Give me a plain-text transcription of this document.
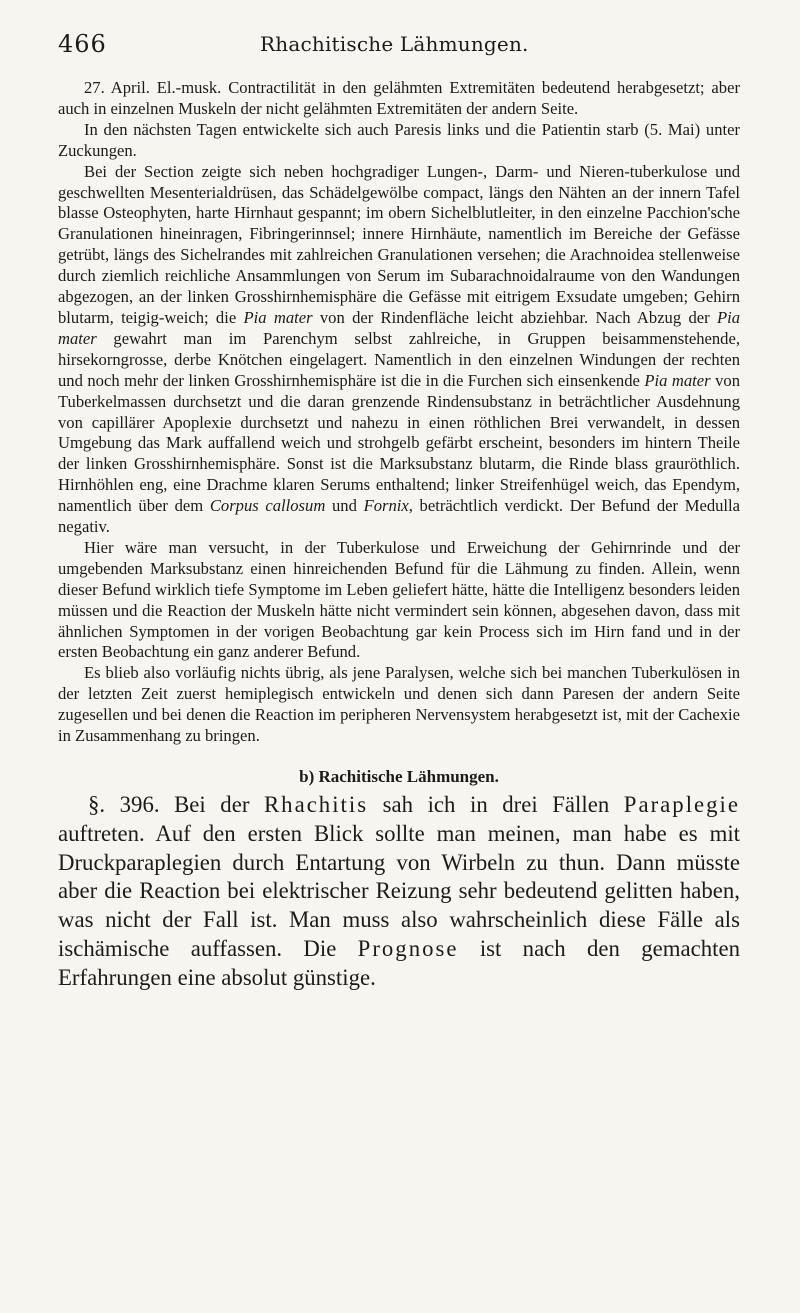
466	Rhachitische Lähmungen.

27. April. El.-musk. Contractilität in den gelähmten Extremitäten bedeutend herabgesetzt; aber auch in einzelnen Muskeln der nicht gelähmten Extremitäten der andern Seite.

In den nächsten Tagen entwickelte sich auch Paresis links und die Patientin starb (5. Mai) unter Zuckungen.

Bei der Section zeigte sich neben hochgradiger Lungen-, Darm- und Nieren-tuberkulose und geschwellten Mesenterialdrüsen, das Schädelgewölbe compact, längs den Nähten an der innern Tafel blasse Osteophyten, harte Hirnhaut gespannt; im obern Sichelblutleiter, in den einzelne Pacchion'sche Granulationen hineinragen, Fibringerinnsel; innere Hirnhäute, namentlich im Bereiche der Gefässe getrübt, längs des Sichelrandes mit zahlreichen Granulationen versehen; die Arachnoidea stellenweise durch ziemlich reichliche Ansammlungen von Serum im Subarachnoidalraume von den Wandungen abgezogen, an der linken Grosshirnhemisphäre die Gefässe mit eitrigem Exsudate umgeben; Gehirn blutarm, teigig-weich; die Pia mater von der Rindenfläche leicht abziehbar. Nach Abzug der Pia mater gewahrt man im Parenchym selbst zahlreiche, in Gruppen beisammenstehende, hirsekorngrosse, derbe Knötchen eingelagert. Namentlich in den einzelnen Windungen der rechten und noch mehr der linken Grosshirnhemisphäre ist die in die Furchen sich einsenkende Pia mater von Tuberkelmassen durchsetzt und die daran grenzende Rindensubstanz in beträchtlicher Ausdehnung von capillärer Apoplexie durchsetzt und nahezu in einen röthlichen Brei verwandelt, in dessen Umgebung das Mark auffallend weich und strohgelb gefärbt erscheint, besonders im hintern Theile der linken Grosshirnhemisphäre. Sonst ist die Marksubstanz blutarm, die Rinde blass grauröthlich. Hirnhöhlen eng, eine Drachme klaren Serums enthaltend; linker Streifenhügel weich, das Ependym, namentlich über dem Corpus callosum und Fornix, beträchtlich verdickt. Der Befund der Medulla negativ.

Hier wäre man versucht, in der Tuberkulose und Erweichung der Gehirnrinde und der umgebenden Marksubstanz einen hinreichenden Befund für die Lähmung zu finden. Allein, wenn dieser Befund wirklich tiefe Symptome im Leben geliefert hätte, hätte die Intelligenz besonders leiden müssen und die Reaction der Muskeln hätte nicht vermindert sein können, abgesehen davon, dass mit ähnlichen Symptomen in der vorigen Beobachtung gar kein Process sich im Hirn fand und in der ersten Beobachtung ein ganz anderer Befund.

Es blieb also vorläufig nichts übrig, als jene Paralysen, welche sich bei manchen Tuberkulösen in der letzten Zeit zuerst hemiplegisch entwickeln und denen sich dann Paresen der andern Seite zugesellen und bei denen die Reaction im peripheren Nervensystem herabgesetzt ist, mit der Cachexie in Zusammenhang zu bringen.

b) Rachitische Lähmungen.

§. 396. Bei der Rhachitis sah ich in drei Fällen Paraplegie auftreten. Auf den ersten Blick sollte man meinen, man habe es mit Druckparaplegien durch Entartung von Wirbeln zu thun. Dann müsste aber die Reaction bei elektrischer Reizung sehr bedeutend gelitten haben, was nicht der Fall ist. Man muss also wahrscheinlich diese Fälle als ischämische auffassen. Die Prognose ist nach den gemachten Erfahrungen eine absolut günstige.
